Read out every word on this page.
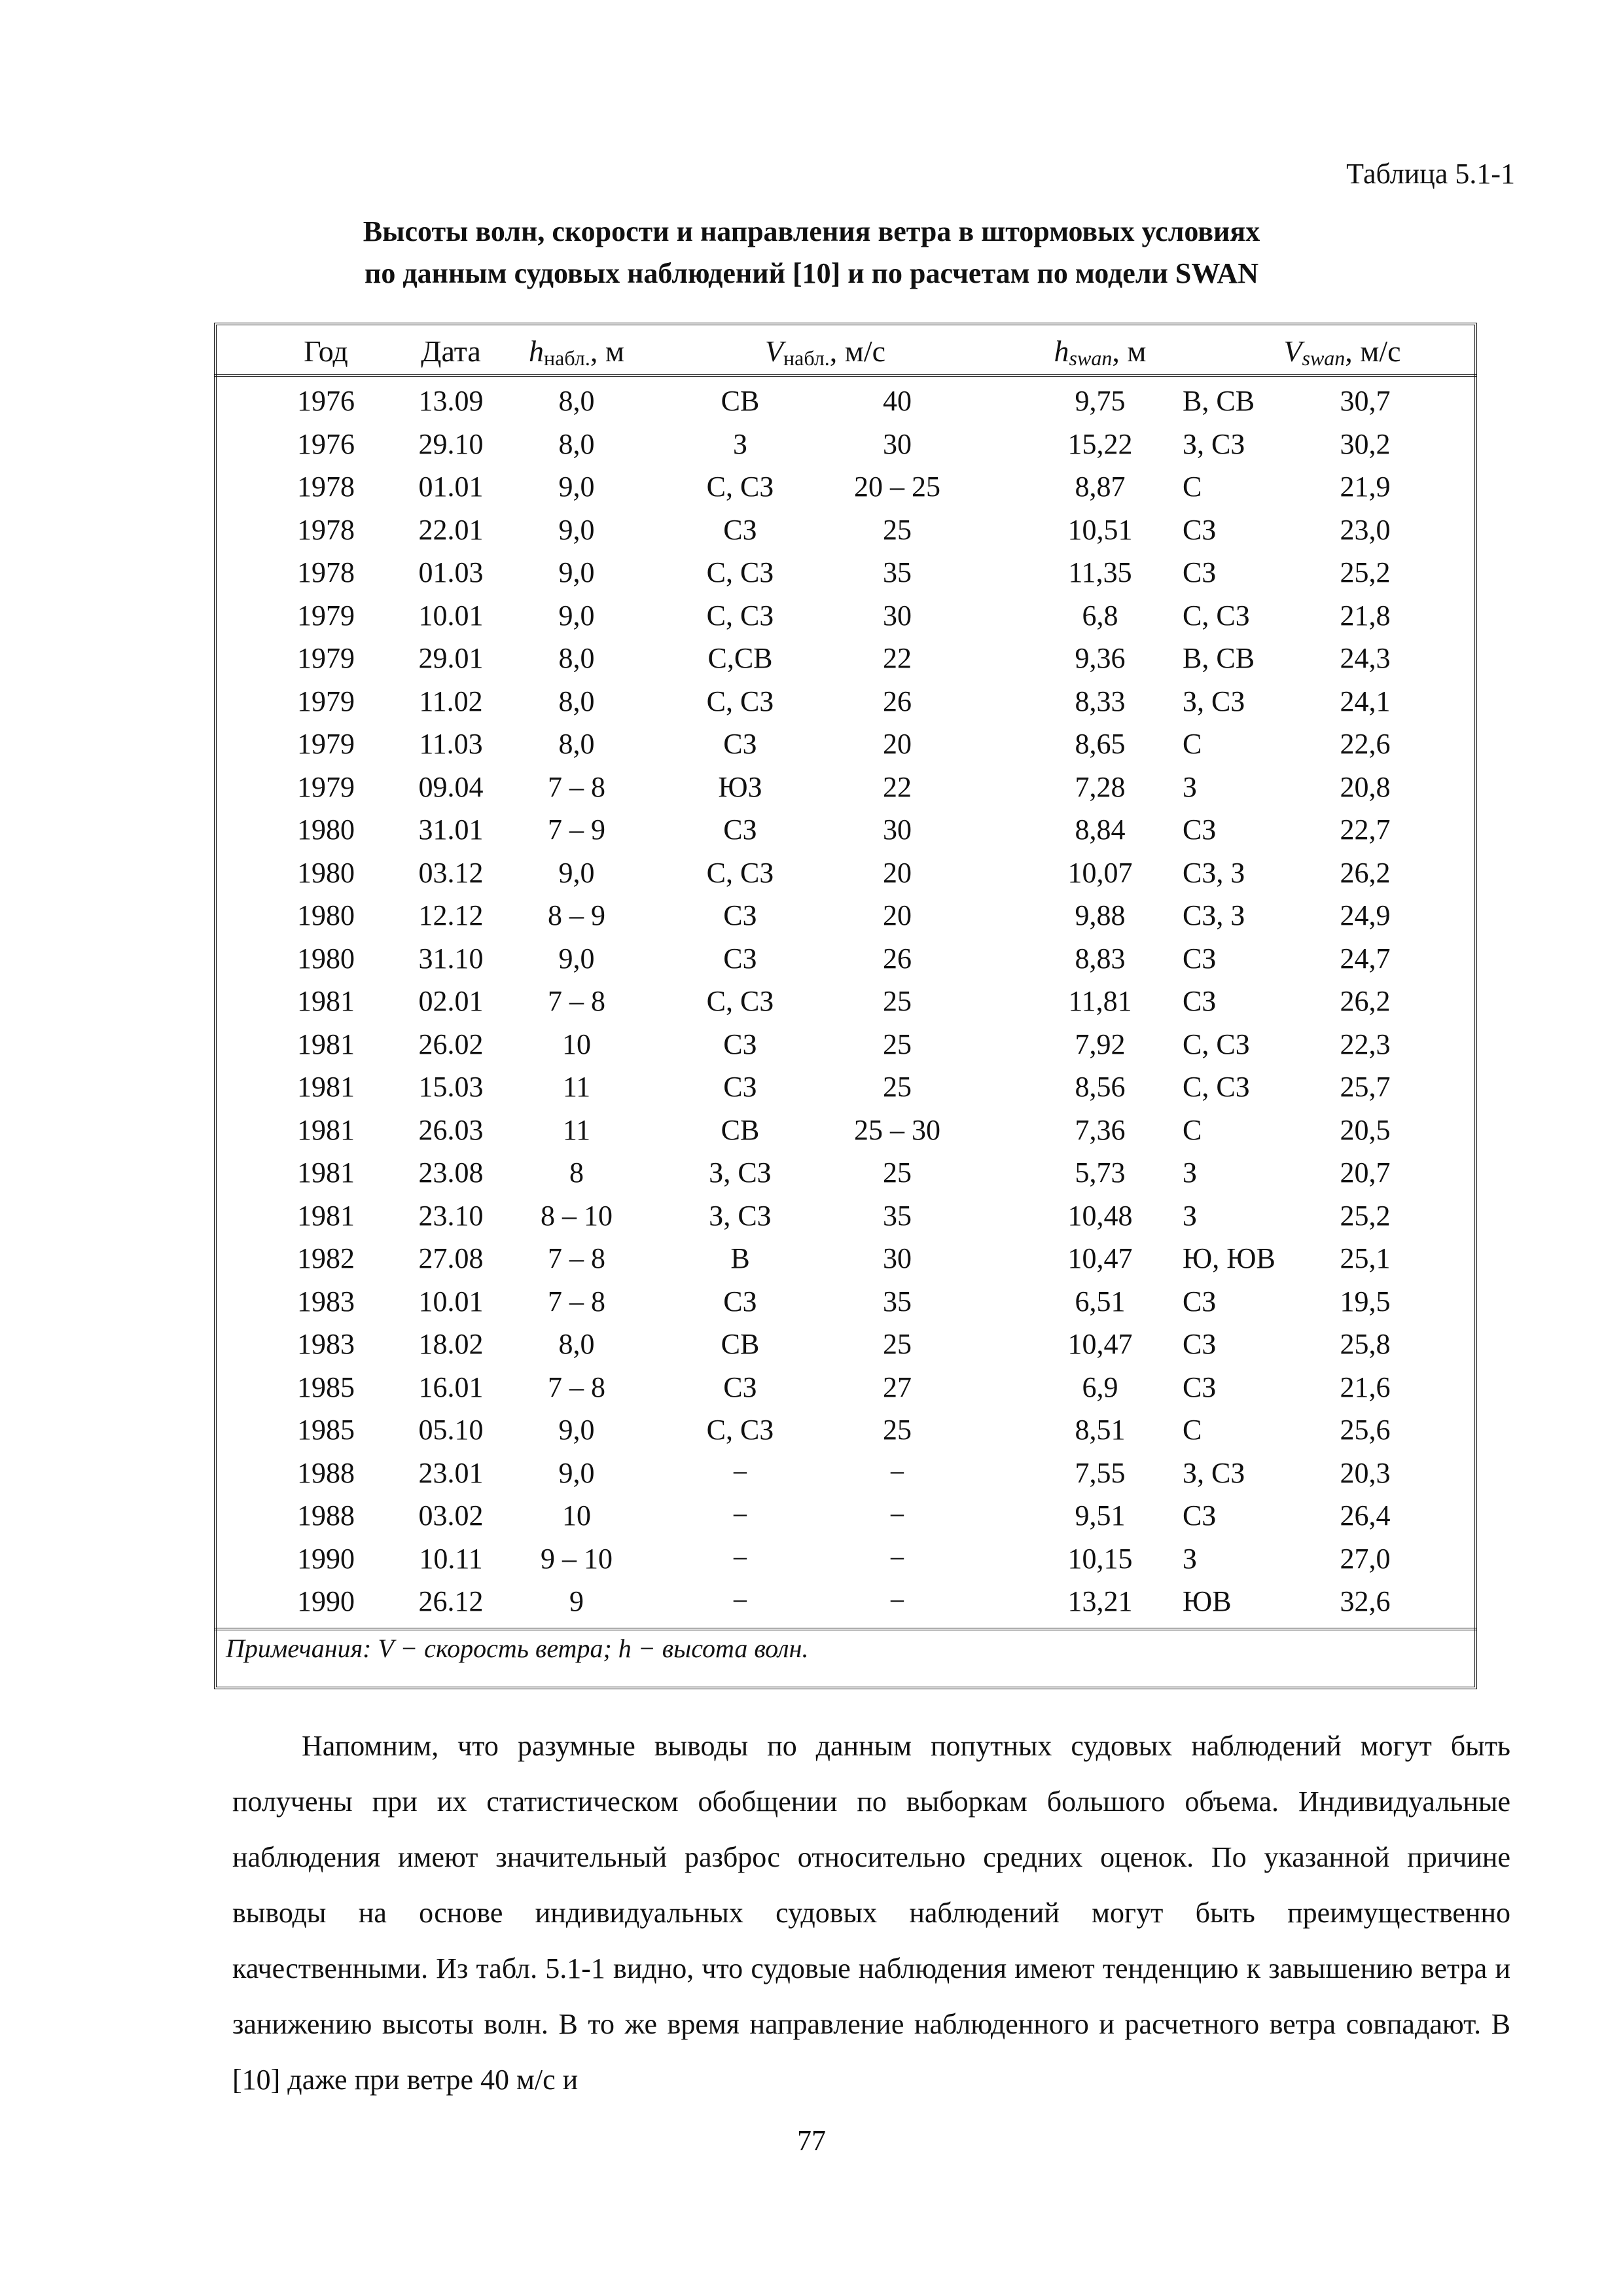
Таблица 5.1-1
Высоты волн, скорости и направления ветра в штормовых условиях
по данным судовых наблюдений [10] и по расчетам по модели SWAN
Год	Дата	hнабл., м	Vнабл., м/с	hswan, м	Vswan, м/с
1976	13.09	8,0	СВ	40	9,75	В, СВ	30,7
1976	29.10	8,0	З	30	15,22	З, СЗ	30,2
1978	01.01	9,0	С, СЗ	20 – 25	8,87	С	21,9
1978	22.01	9,0	СЗ	25	10,51	СЗ	23,0
1978	01.03	9,0	С, СЗ	35	11,35	СЗ	25,2
1979	10.01	9,0	С, СЗ	30	6,8	С, СЗ	21,8
1979	29.01	8,0	С,СВ	22	9,36	В, СВ	24,3
1979	11.02	8,0	С, СЗ	26	8,33	З, СЗ	24,1
1979	11.03	8,0	СЗ	20	8,65	С	22,6
1979	09.04	7 – 8	ЮЗ	22	7,28	З	20,8
1980	31.01	7 – 9	СЗ	30	8,84	СЗ	22,7
1980	03.12	9,0	С, СЗ	20	10,07	СЗ, З	26,2
1980	12.12	8 – 9	СЗ	20	9,88	СЗ, З	24,9
1980	31.10	9,0	СЗ	26	8,83	СЗ	24,7
1981	02.01	7 – 8	С, СЗ	25	11,81	СЗ	26,2
1981	26.02	10	СЗ	25	7,92	С, СЗ	22,3
1981	15.03	11	СЗ	25	8,56	С, СЗ	25,7
1981	26.03	11	СВ	25 – 30	7,36	С	20,5
1981	23.08	8	З, СЗ	25	5,73	З	20,7
1981	23.10	8 – 10	З, СЗ	35	10,48	З	25,2
1982	27.08	7 – 8	В	30	10,47	Ю, ЮВ	25,1
1983	10.01	7 – 8	СЗ	35	6,51	СЗ	19,5
1983	18.02	8,0	СВ	25	10,47	СЗ	25,8
1985	16.01	7 – 8	СЗ	27	6,9	СЗ	21,6
1985	05.10	9,0	С, СЗ	25	8,51	С	25,6
1988	23.01	9,0	−	−	7,55	З, СЗ	20,3
1988	03.02	10	−	−	9,51	СЗ	26,4
1990	10.11	9 – 10	−	−	10,15	З	27,0
1990	26.12	9	−	−	13,21	ЮВ	32,6
Примечания: V − скорость ветра; h − высота волн.
Напомним, что разумные выводы по данным попутных судовых наблюдений могут быть получены при их статистическом обобщении по выборкам большого объема. Индивидуальные наблюдения имеют значительный разброс относительно средних оценок. По указанной причине выводы на основе индивидуальных судовых наблюдений могут быть преимущественно качественными. Из табл. 5.1-1 видно, что судовые наблюдения имеют тенденцию к завышению ветра и занижению высоты волн. В то же время направление наблюденного и расчетного ветра совпадают. В [10] даже при ветре 40 м/с и
77
